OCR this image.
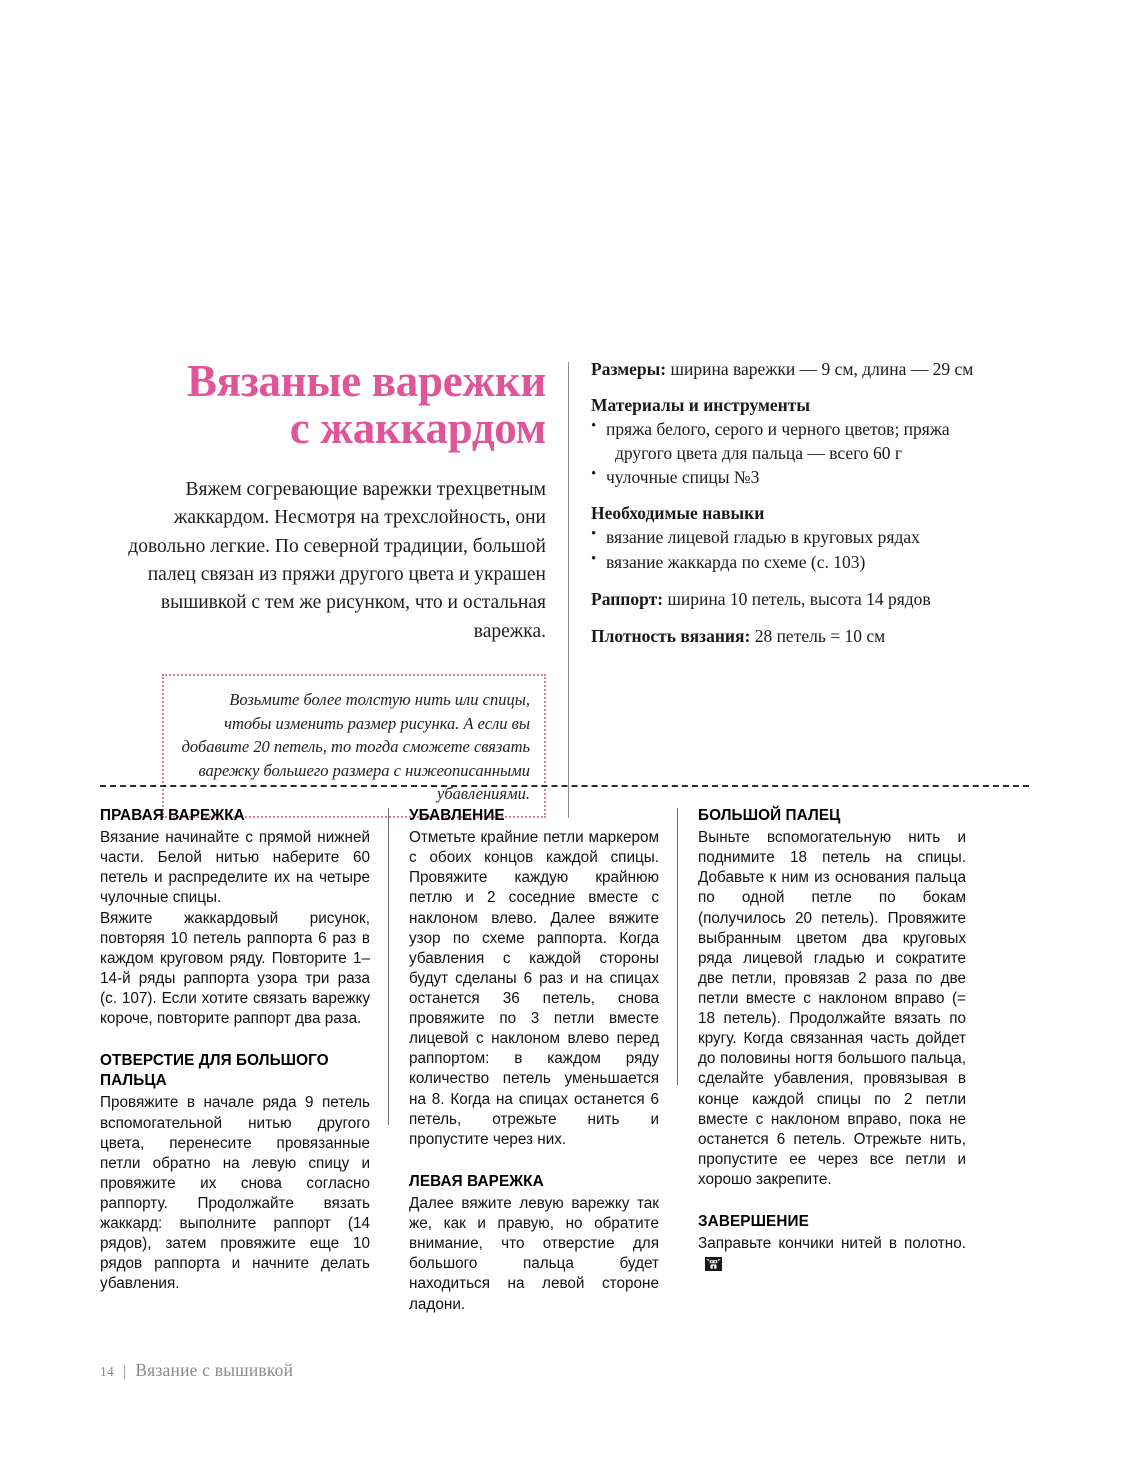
Вязаные варежки
с жаккардом

Вяжем согревающие варежки трехцветным жаккардом. Несмотря на трехслойность, они довольно легкие. По северной традиции, большой палец связан из пряжи другого цвета и украшен вышивкой с тем же рисунком, что и остальная варежка.

Возьмите более толстую нить или спицы, чтобы изменить размер рисунка. А если вы добавите 20 петель, то тогда сможете связать варежку большего размера с нижеописанными убавлениями.

Размеры: ширина варежки — 9 см, длина — 29 см

Материалы и инструменты

• пряжа белого, серого и черного цветов; пряжа
другого цвета для пальца — всего 60 г
• чулочные спицы №3

Необходимые навыки

• вязание лицевой гладью в круговых рядах
• вязание жаккарда по схеме (с. 103)

Раппорт: ширина 10 петель, высота 14 рядов

Плотность вязания: 28 петель = 10 см

ПРАВАЯ ВАРЕЖКА

Вязание начинайте с прямой нижней части. Белой нитью наберите 60 петель и распределите их на четыре чулочные спицы.

Вяжите жаккардовый рисунок, повторяя 10 петель раппорта 6 раз в каждом круговом ряду. Повторите 1–14-й ряды раппорта узора три раза (с. 107). Если хотите связать варежку короче, повторите раппорт два раза.

ОТВЕРСТИЕ ДЛЯ БОЛЬШОГО ПАЛЬЦА

Провяжите в начале ряда 9 петель вспомогательной нитью другого цвета, перенесите провязанные петли обратно на левую спицу и провяжите их снова согласно раппорту. Продолжайте вязать жаккард: выполните раппорт (14 рядов), затем провяжите еще 10 рядов раппорта и начните делать убавления.

УБАВЛЕНИЕ

Отметьте крайние петли маркером с обоих концов каждой спицы. Провяжите каждую крайнюю петлю и 2 соседние вместе с наклоном влево. Далее вяжите узор по схеме раппорта. Когда убавления с каждой стороны будут сделаны 6 раз и на спицах останется 36 петель, снова провяжите по 3 петли вместе лицевой с наклоном влево перед раппортом: в каждом ряду количество петель уменьшается на 8. Когда на спицах останется 6 петель, отрежьте нить и пропустите через них.

ЛЕВАЯ ВАРЕЖКА

Далее вяжите левую варежку так же, как и правую, но обратите внимание, что отверстие для большого пальца будет находиться на левой стороне ладони.

БОЛЬШОЙ ПАЛЕЦ

Выньте вспомогательную нить и поднимите 18 петель на спицы. Добавьте к ним из основания пальца по одной петле по бокам (получилось 20 петель). Провяжите выбранным цветом два круговых ряда лицевой гладью и сократите две петли, провязав 2 раза по две петли вместе с наклоном вправо (= 18 петель). Продолжайте вязать по кругу. Когда связанная часть дойдет до половины ногтя большого пальца, сделайте убавления, провязывая в конце каждой спицы по 2 петли вместе с наклоном вправо, пока не останется 6 петель. Отрежьте нить, пропустите ее через все петли и хорошо закрепите.

ЗАВЕРШЕНИЕ

Заправьте кончики нитей в полотно.

14 | Вязание с вышивкой
